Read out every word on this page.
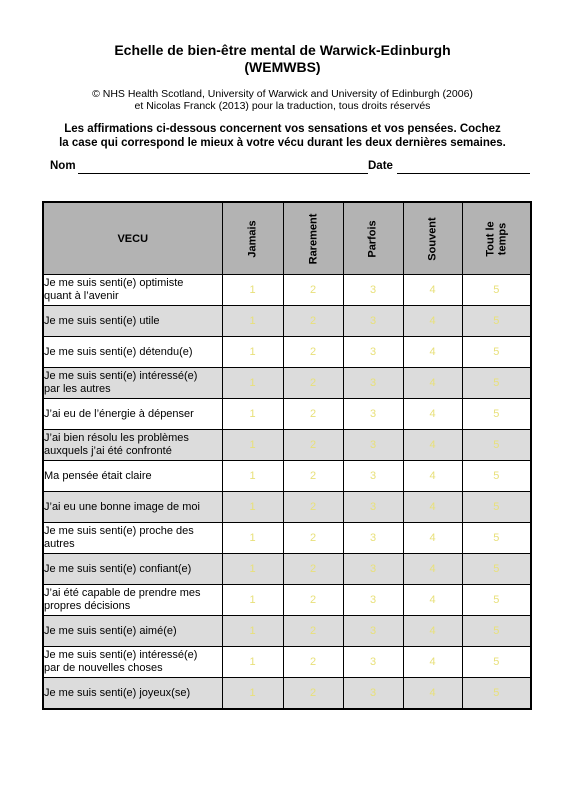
Echelle de bien-être mental de Warwick-Edinburgh
(WEMWBS)
© NHS Health Scotland, University of Warwick and University of Edinburgh (2006)
et Nicolas Franck (2013) pour la traduction, tous droits réservés
Les affirmations ci-dessous concernent vos sensations et vos pensées. Cochez
la case qui correspond le mieux à votre vécu durant les deux dernières semaines.
Nom	Date
VECU	Jamais	Rarement	Parfois	Souvent	Tout le
temps

Je me suis senti(e) optimiste
quant à l’avenir	1	2	3	4	5

Je me suis senti(e) utile	1	2	3	4	5

Je me suis senti(e) détendu(e)	1	2	3	4	5

Je me suis senti(e) intéressé(e)
par les autres	1	2	3	4	5

J’ai eu de l’énergie à dépenser	1	2	3	4	5

J’ai bien résolu les problèmes
auxquels j’ai été confronté	1	2	3	4	5

Ma pensée était claire	1	2	3	4	5

J’ai eu une bonne image de moi	1	2	3	4	5

Je me suis senti(e) proche des
autres	1	2	3	4	5

Je me suis senti(e) confiant(e)	1	2	3	4	5

J’ai été capable de prendre mes
propres décisions	1	2	3	4	5

Je me suis senti(e) aimé(e)	1	2	3	4	5

Je me suis senti(e) intéressé(e)
par de nouvelles choses	1	2	3	4	5

Je me suis senti(e) joyeux(se)	1	2	3	4	5
